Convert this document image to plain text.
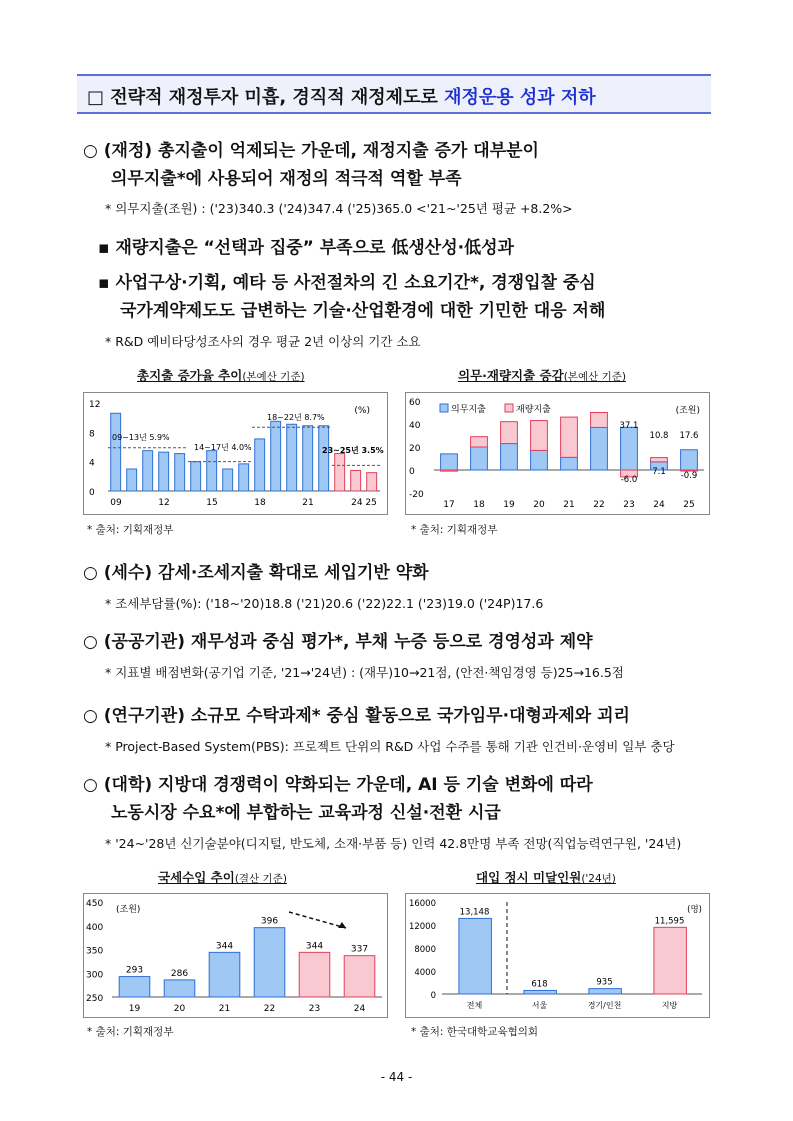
□ 전략적 재정투자 미흡, 경직적 재정제도로 재정운용 성과 저하
○ (재정) 총지출이 억제되는 가운데, 재정지출 증가 대부분이
의무지출*에 사용되어 재정의 적극적 역할 부족
* 의무지출(조원) : ('23)340.3 ('24)347.4 ('25)365.0 <'21~'25년 평균 +8.2%>
▪ 재량지출은 “선택과 집중” 부족으로 低생산성·低성과
▪ 사업구상·기획, 예타 등 사전절차의 긴 소요기간*, 경쟁입찰 중심
국가계약제도도 급변하는 기술·산업환경에 대한 기민한 대응 저해
* R&D 예비타당성조사의 경우 평균 2년 이상의 기간 소요
총지출 증가율 추이(본예산 기준)	의무·재량지출 증감(본예산 기준)
0
4
8
12
09	12	15	18	21	24 25
(%)
09~13년 5.9%
14~17년 4.0%
18~22년 8.7%
23~25년 3.5%
-20
0
20
40
60
17 18 19 20 21 22 23 24 25
37.1
10.8 17.6
-6.0
7.1 -0.9
의무지출	재량지출	(조원)
* 출처: 기획재정부	* 출처: 기획재정부
○ (세수) 감세·조세지출 확대로 세입기반 약화
* 조세부담률(%): ('18~'20)18.8 ('21)20.6 ('22)22.1 ('23)19.0 ('24P)17.6
○ (공공기관) 재무성과 중심 평가*, 부채 누증 등으로 경영성과 제약
* 지표별 배점변화(공기업 기준, '21→'24년) : (재무)10→21점, (안전·책임경영 등)25→16.5점
○ (연구기관) 소규모 수탁과제* 중심 활동으로 국가임무·대형과제와 괴리
* Project-Based System(PBS): 프로젝트 단위의 R&D 사업 수주를 통해 기관 인건비·운영비 일부 충당
○ (대학) 지방대 경쟁력이 약화되는 가운데, AI 등 기술 변화에 따라
노동시장 수요*에 부합하는 교육과정 신설·전환 시급
* '24~'28년 신기술분야(디지털, 반도체, 소재·부품 등) 인력 42.8만명 부족 전망(직업능력연구원, '24년)
국세수입 추이(결산 기준)	대입 정시 미달인원('24년)
250
300
350
400
450
293
19
286
20
344
21
396
22
344
23
337
24
(조원)
0
4000
8000
12000
16000
13,148
전체
618
서울
935
경기/인천
11,595
지방
(명)
* 출처: 기획재정부	* 출처: 한국대학교육협의회
- 44 -
